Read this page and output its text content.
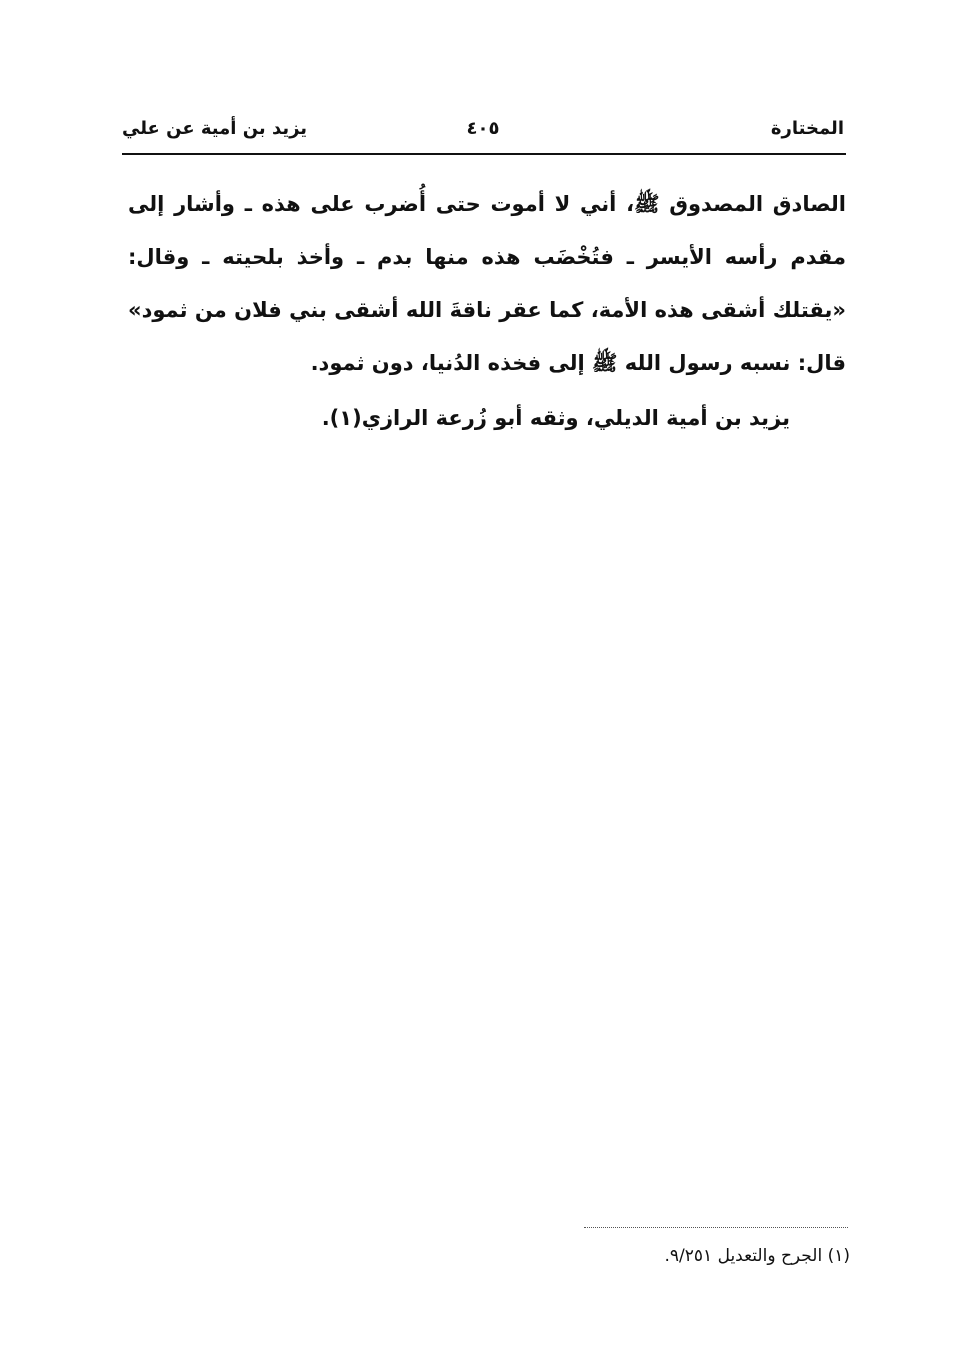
المختارة
٤٠٥
يزيد بن أمية عن علي

الصادق المصدوق ﷺ، أني لا أموت حتى أُضرب على هذه ـ وأشار إلى مقدم رأسه الأيسر ـ فتُخْضَب هذه منها بدم ـ وأخذ بلحيته ـ وقال: «يقتلك أشقى هذه الأمة، كما عقر ناقةَ الله أشقى بني فلان من ثمود» قال: نسبه رسول الله ﷺ إلى فخذه الدُنيا، دون ثمود.

يزيد بن أمية الديلي، وثقه أبو زُرعة الرازي(١).

(١) الجرح والتعديل ٩/٢٥١.
